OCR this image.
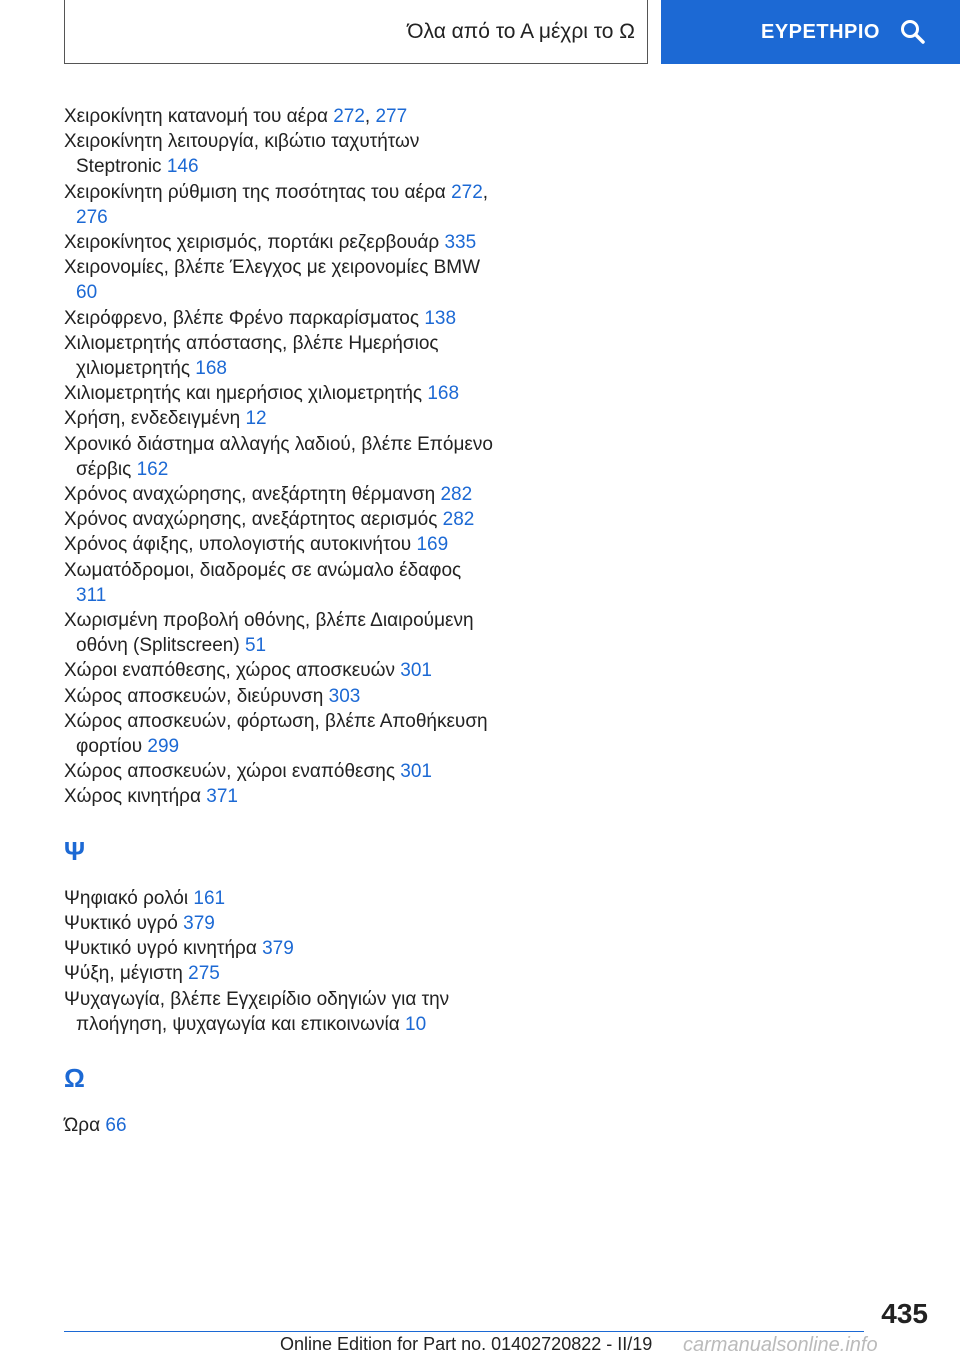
Όλα από το Α μέχρι το Ω	ΕΥΡΕΤΗΡΙΟ
Χειροκίνητη κατανομή του αέρα 272, 277
Χειροκίνητη λειτουργία, κιβώτιο ταχυτήτων Steptronic 146
Χειροκίνητη ρύθμιση της ποσότητας του αέρα 272, 276
Χειροκίνητος χειρισμός, πορτάκι ρεζερβουάρ 335
Χειρονομίες, βλέπε Έλεγχος με χειρονομίες BMW 60
Χειρόφρενο, βλέπε Φρένο παρκαρίσματος 138
Χιλιομετρητής απόστασης, βλέπε Ημερήσιος χιλιομετρητής 168
Χιλιομετρητής και ημερήσιος χιλιομετρητής 168
Χρήση, ενδεδειγμένη 12
Χρονικό διάστημα αλλαγής λαδιού, βλέπε Επόμενο σέρβις 162
Χρόνος αναχώρησης, ανεξάρτητη θέρμανση 282
Χρόνος αναχώρησης, ανεξάρτητος αερισμός 282
Χρόνος άφιξης, υπολογιστής αυτοκινήτου 169
Χωματόδρομοι, διαδρομές σε ανώμαλο έδαφος 311
Χωρισμένη προβολή οθόνης, βλέπε Διαιρούμενη οθόνη (Splitscreen) 51
Χώροι εναπόθεσης, χώρος αποσκευών 301
Χώρος αποσκευών, διεύρυνση 303
Χώρος αποσκευών, φόρτωση, βλέπε Αποθήκευση φορτίου 299
Χώρος αποσκευών, χώροι εναπόθεσης 301
Χώρος κινητήρα 371
Ψ
Ψηφιακό ρολόι 161
Ψυκτικό υγρό 379
Ψυκτικό υγρό κινητήρα 379
Ψύξη, μέγιστη 275
Ψυχαγωγία, βλέπε Εγχειρίδιο οδηγιών για την πλοήγηση, ψυχαγωγία και επικοινωνία 10
Ω
Ώρα 66
435
Online Edition for Part no. 01402720822 - II/19 carmanualsonline.info
